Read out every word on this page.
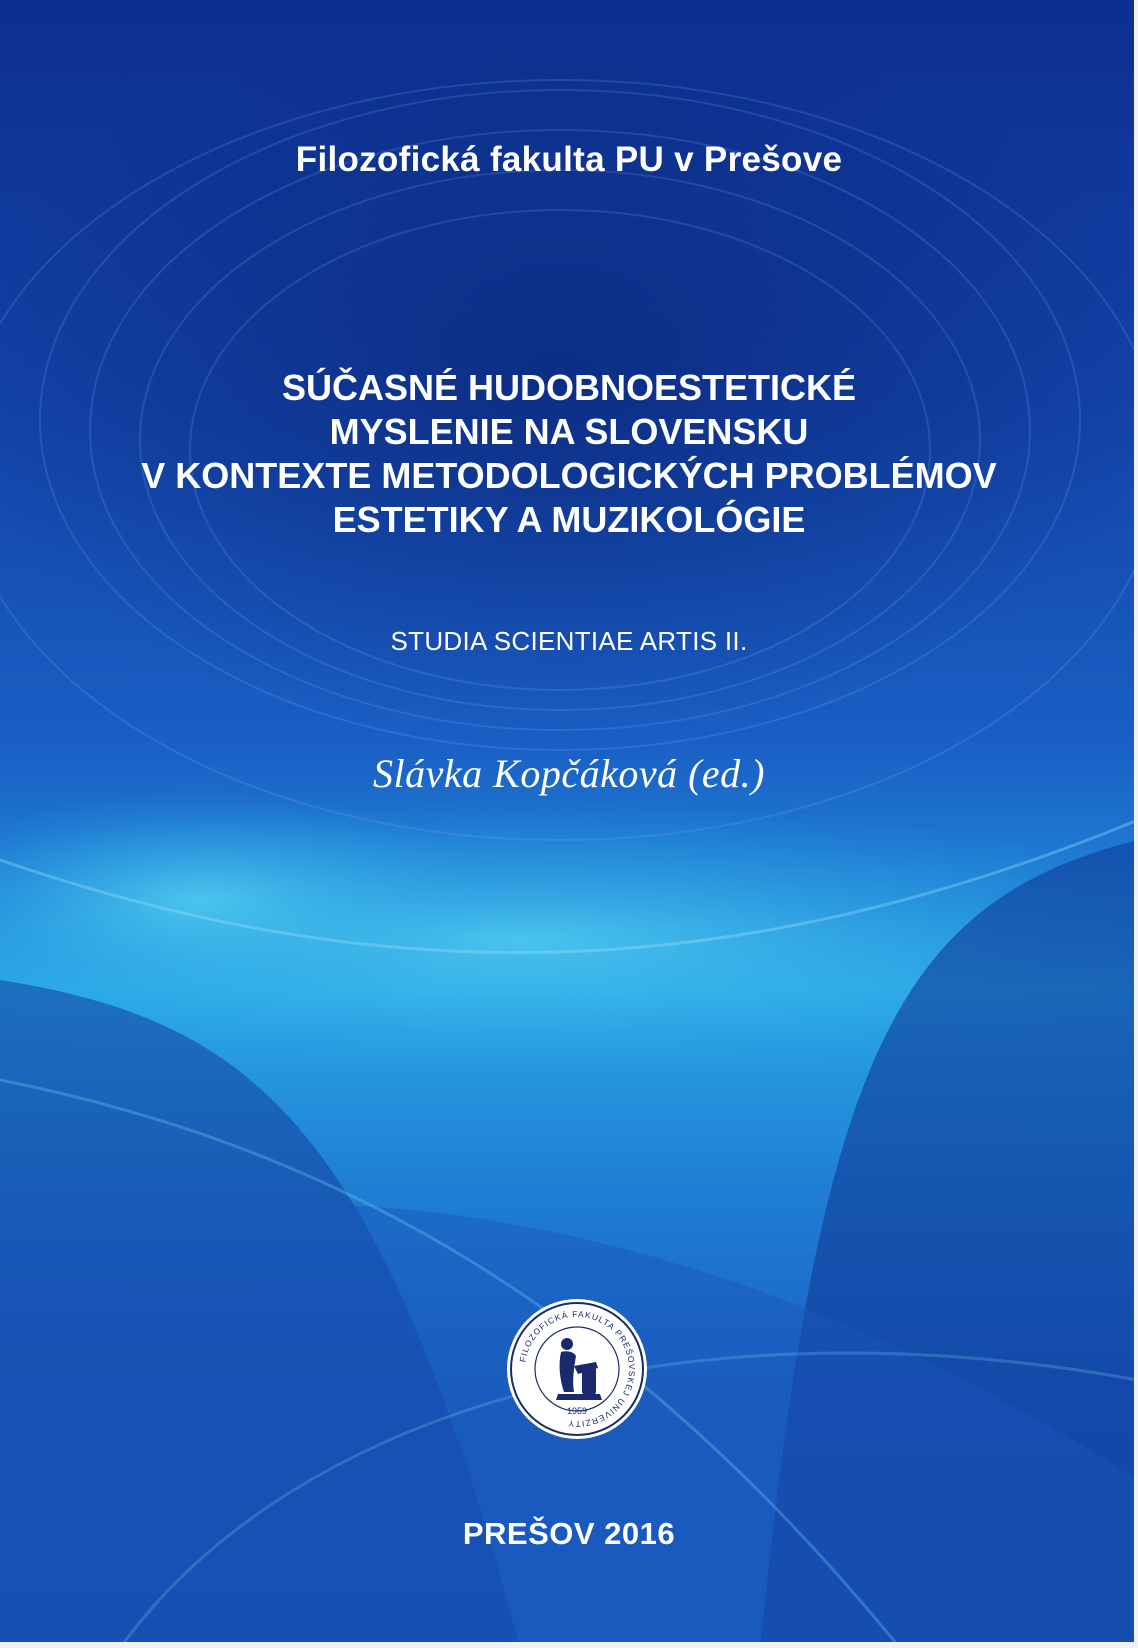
Filozofická fakulta PU v Prešove
SÚČASNÉ HUDOBNOESTETICKÉ
MYSLENIE NA SLOVENSKU
V KONTEXTE METODOLOGICKÝCH PROBLÉMOV
ESTETIKY A MUZIKOLÓGIE
STUDIA SCIENTIAE ARTIS II.
Slávka Kopčáková (ed.)
FILOZOFICKÁ FAKULTA PREŠOVSKEJ UNIVERZITY
1959
PREŠOV 2016
